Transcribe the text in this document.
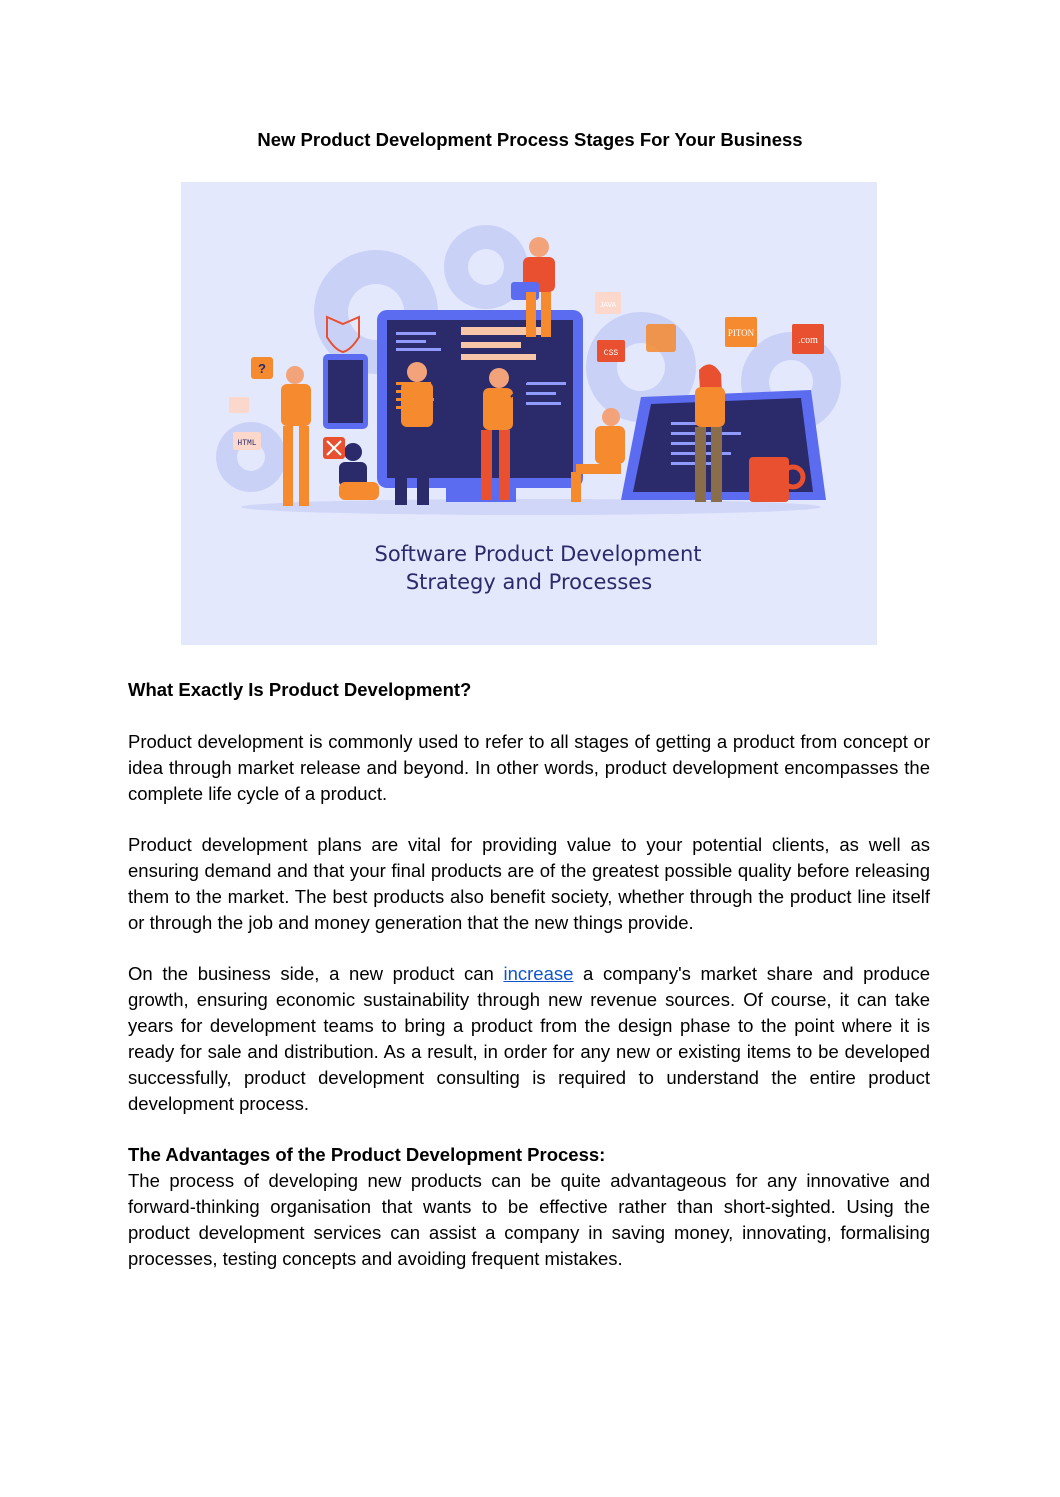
New Product Development Process Stages For Your Business
?
HTML
CSS
JAVA
PITON
.com
Software Product Development
Strategy and Processes
What Exactly Is Product Development?

Product development is commonly used to refer to all stages of getting a product from concept or idea through market release and beyond. In other words, product development encompasses the complete life cycle of a product.

Product development plans are vital for providing value to your potential clients, as well as ensuring demand and that your final products are of the greatest possible quality before releasing them to the market. The best products also benefit society, whether through the product line itself or through the job and money generation that the new things provide.

On the business side, a new product can increase a company's market share and produce growth, ensuring economic sustainability through new revenue sources. Of course, it can take years for development teams to bring a product from the design phase to the point where it is ready for sale and distribution. As a result, in order for any new or existing items to be developed successfully, product development consulting is required to understand the entire product development process.

The Advantages of the Product Development Process:

The process of developing new products can be quite advantageous for any innovative and forward-thinking organisation that wants to be effective rather than short-sighted. Using the product development services can assist a company in saving money, innovating, formalising processes, testing concepts and avoiding frequent mistakes.
